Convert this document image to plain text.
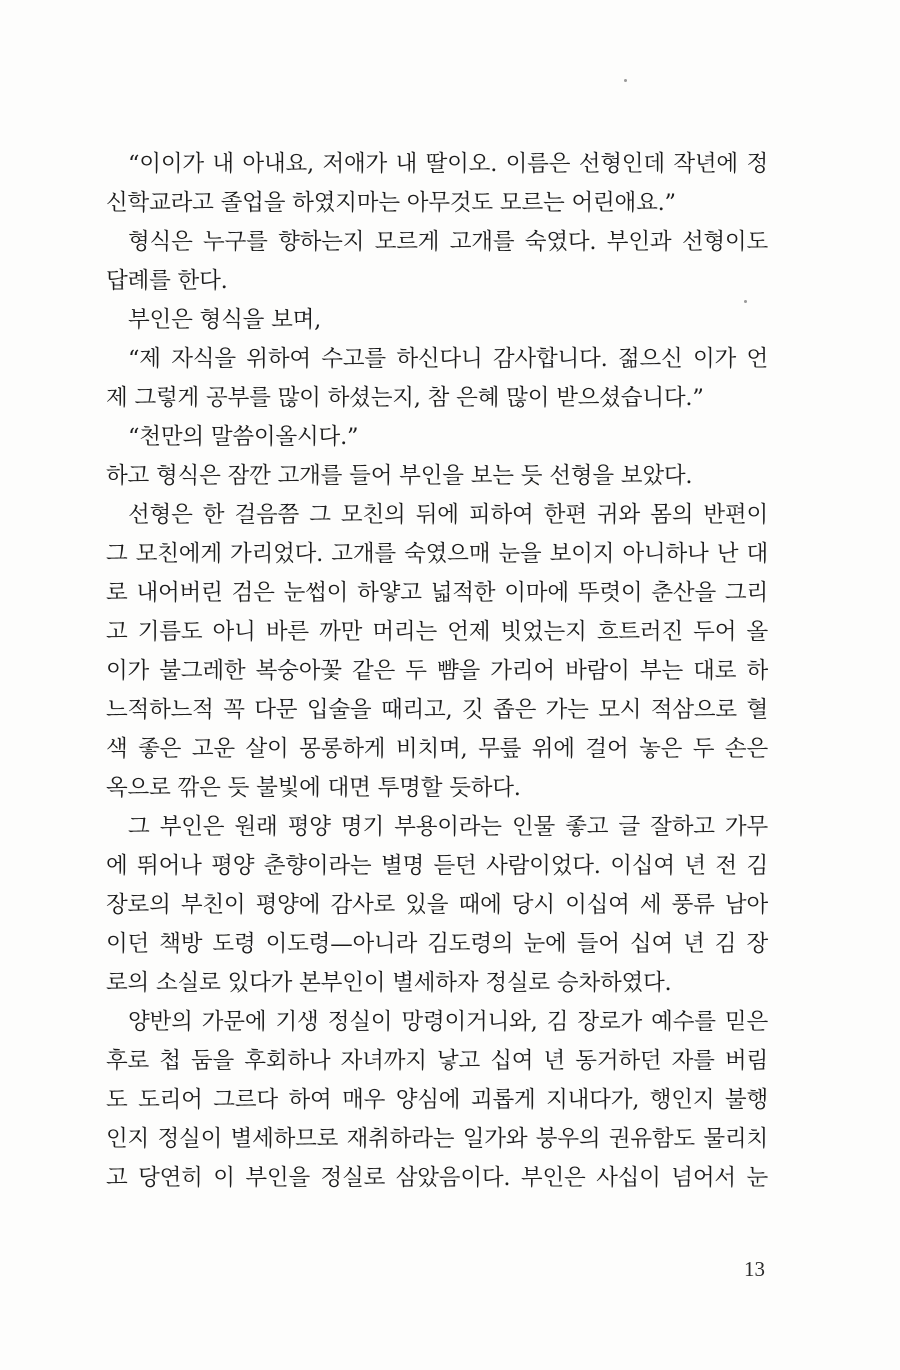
“이이가 내 아내요, 저애가 내 딸이오. 이름은 선형인데 작년에 정
신학교라고 졸업을 하였지마는 아무것도 모르는 어린애요.”
형식은 누구를 향하는지 모르게 고개를 숙였다. 부인과 선형이도
답례를 한다.
부인은 형식을 보며,
“제 자식을 위하여 수고를 하신다니 감사합니다. 젊으신 이가 언
제 그렇게 공부를 많이 하셨는지, 참 은혜 많이 받으셨습니다.”
“천만의 말씀이올시다.”
하고 형식은 잠깐 고개를 들어 부인을 보는 듯 선형을 보았다.
선형은 한 걸음쯤 그 모친의 뒤에 피하여 한편 귀와 몸의 반편이
그 모친에게 가리었다. 고개를 숙였으매 눈을 보이지 아니하나 난 대
로 내어버린 검은 눈썹이 하얗고 넓적한 이마에 뚜렷이 춘산을 그리
고 기름도 아니 바른 까만 머리는 언제 빗었는지 흐트러진 두어 올
이가 불그레한 복숭아꽃 같은 두 뺨을 가리어 바람이 부는 대로 하
느적하느적 꼭 다문 입술을 때리고, 깃 좁은 가는 모시 적삼으로 혈
색 좋은 고운 살이 몽롱하게 비치며, 무릎 위에 걸어 놓은 두 손은
옥으로 깎은 듯 불빛에 대면 투명할 듯하다.
그 부인은 원래 평양 명기 부용이라는 인물 좋고 글 잘하고 가무
에 뛰어나 평양 춘향이라는 별명 듣던 사람이었다. 이십여 년 전 김
장로의 부친이 평양에 감사로 있을 때에 당시 이십여 세 풍류 남아
이던 책방 도령 이도령—아니라 김도령의 눈에 들어 십여 년 김 장
로의 소실로 있다가 본부인이 별세하자 정실로 승차하였다.
양반의 가문에 기생 정실이 망령이거니와, 김 장로가 예수를 믿은
후로 첩 둠을 후회하나 자녀까지 낳고 십여 년 동거하던 자를 버림
도 도리어 그르다 하여 매우 양심에 괴롭게 지내다가, 행인지 불행
인지 정실이 별세하므로 재취하라는 일가와 붕우의 권유함도 물리치
고 당연히 이 부인을 정실로 삼았음이다. 부인은 사십이 넘어서 눈
13
